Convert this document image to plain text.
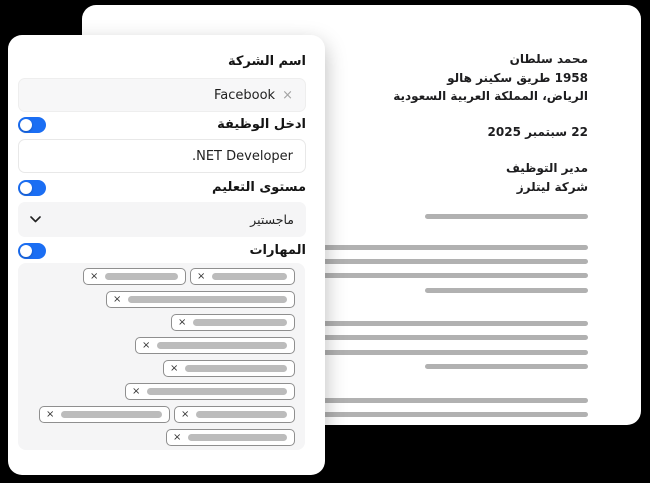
محمد سلطان
1958 طريق سكينر هالو
الرياض، المملكة العربية السعودية
22 سبتمبر 2025
مدير التوظيف
شركة ليتلرز
اسم الشركة
×
Facebook
ادخل الوظيفة
.NET Developer
مستوى التعليم
ماجستير
المهارات
×
×
×
×
×
×
×
×
×
×
